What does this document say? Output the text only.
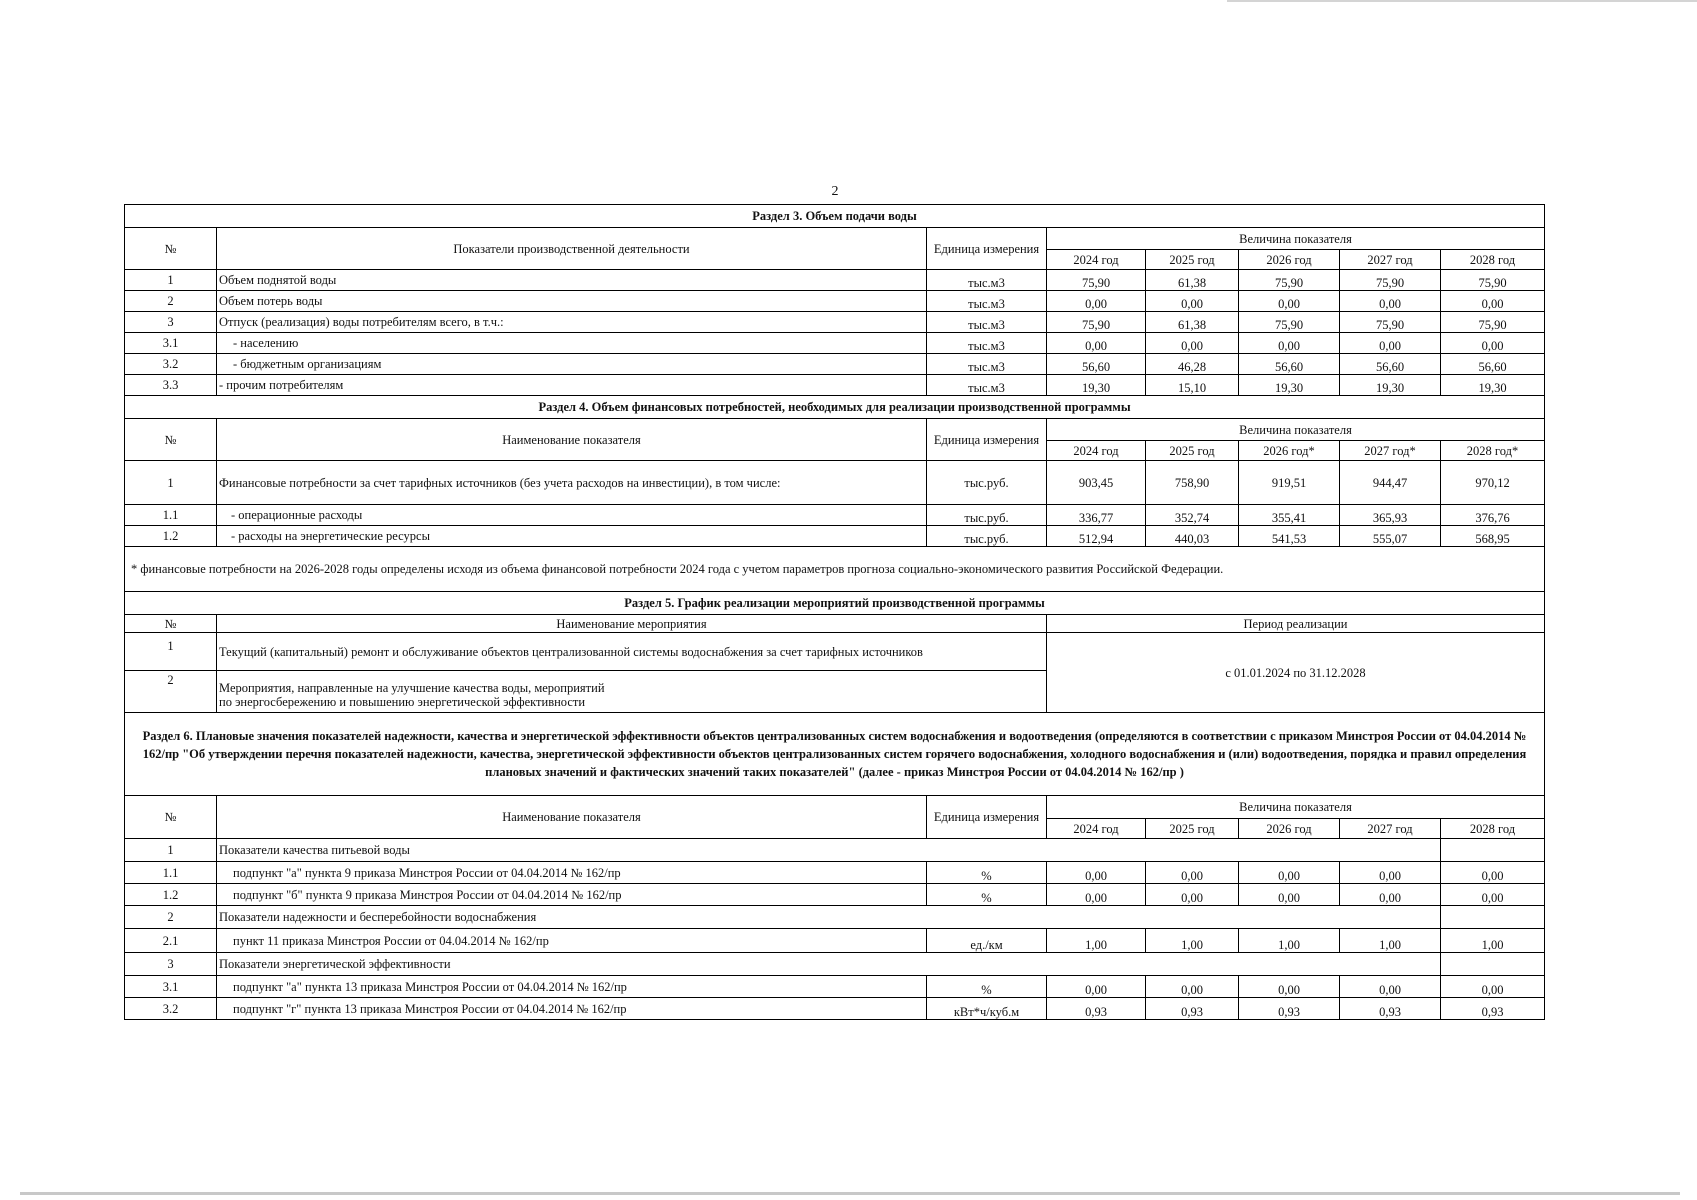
2
Раздел 3. Объем подачи воды							
№	Показатели производственной деятельности	Единица измерения	Величина показателя				
			2024 год	2025 год	2026 год	2027 год	2028 год
1	Объем поднятой воды	тыс.м3	75,90	61,38	75,90	75,90	75,90
2	Объем потерь воды	тыс.м3	0,00	0,00	0,00	0,00	0,00
3	Отпуск (реализация) воды потребителям всего, в т.ч.:	тыс.м3	75,90	61,38	75,90	75,90	75,90
3.1	- населению	тыс.м3	0,00	0,00	0,00	0,00	0,00
3.2	- бюджетным организациям	тыс.м3	56,60	46,28	56,60	56,60	56,60
3.3	- прочим потребителям	тыс.м3	19,30	15,10	19,30	19,30	19,30
Раздел 4. Объем финансовых потребностей, необходимых для реализации производственной программы							
№	Наименование показателя	Единица измерения	Величина показателя				
			2024 год	2025 год	2026 год*	2027 год*	2028 год*
1	Финансовые потребности за счет тарифных источников (без учета расходов на инвестиции), в том числе:	тыс.руб.	903,45	758,90	919,51	944,47	970,12
1.1	- операционные расходы	тыс.руб.	336,77	352,74	355,41	365,93	376,76
1.2	- расходы на энергетические ресурсы	тыс.руб.	512,94	440,03	541,53	555,07	568,95
* финансовые потребности на 2026-2028 годы определены исходя из объема финансовой потребности 2024 года с учетом параметров прогноза социально-экономического развития Российской Федерации.							
Раздел 5. График реализации мероприятий производственной программы							
№	Наименование мероприятия		Период реализации				
1	Текущий (капитальный) ремонт и обслуживание объектов централизованной системы водоснабжения за счет тарифных источников		с 01.01.2024 по 31.12.2028				
2	Мероприятия, направленные на улучшение качества воды, мероприятий
по энергосбережению и повышению энергетической эффективности						

Раздел 6. Плановые значения показателей надежности, качества и энергетической эффективности объектов централизованных систем водоснабжения и водоотведения (определяются в соответствии с приказом Минстроя России от 04.04.2014 № 162/пр "Об утверждении перечня показателей надежности, качества, энергетической эффективности объектов централизованных систем горячего водоснабжения, холодного водоснабжения и (или) водоотведения, порядка и правил определения плановых значений и фактических значений таких показателей" (далее - приказ Минстроя России от 04.04.2014 № 162/пр )							
№	Наименование показателя	Единица измерения	Величина показателя				
			2024 год	2025 год	2026 год	2027 год	2028 год
1	Показатели качества питьевой воды						
1.1	подпункт "а" пункта 9 приказа Минстроя России от 04.04.2014 № 162/пр	%	0,00	0,00	0,00	0,00	0,00
1.2	подпункт "б" пункта 9 приказа Минстроя России от 04.04.2014 № 162/пр	%	0,00	0,00	0,00	0,00	0,00
2	Показатели надежности и бесперебойности водоснабжения						
2.1	пункт 11 приказа Минстроя России от 04.04.2014 № 162/пр	ед./км	1,00	1,00	1,00	1,00	1,00
3	Показатели энергетической эффективности						
3.1	подпункт "а" пункта 13 приказа Минстроя России от 04.04.2014 № 162/пр	%	0,00	0,00	0,00	0,00	0,00
3.2	подпункт "г" пункта 13 приказа Минстроя России от 04.04.2014 № 162/пр	кВт*ч/куб.м	0,93	0,93	0,93	0,93	0,93
